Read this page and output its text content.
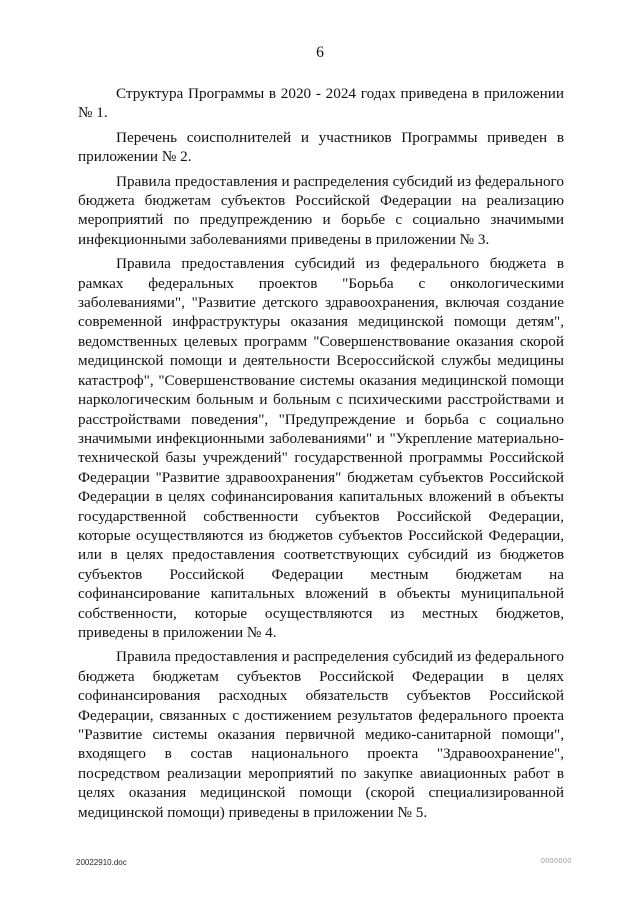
6

Структура Программы в 2020 - 2024 годах приведена в приложении № 1.

Перечень соисполнителей и участников Программы приведен в приложении № 2.

Правила предоставления и распределения субсидий из федерального бюджета бюджетам субъектов Российской Федерации на реализацию мероприятий по предупреждению и борьбе с социально значимыми инфекционными заболеваниями приведены в приложении № 3.

Правила предоставления субсидий из федерального бюджета в рамках федеральных проектов "Борьба с онкологическими заболеваниями", "Развитие детского здравоохранения, включая создание современной инфраструктуры оказания медицинской помощи детям", ведомственных целевых программ "Совершенствование оказания скорой медицинской помощи и деятельности Всероссийской службы медицины катастроф", "Совершенствование системы оказания медицинской помощи наркологическим больным и больным с психическими расстройствами и расстройствами поведения", "Предупреждение и борьба с социально значимыми инфекционными заболеваниями" и "Укрепление материально-технической базы учреждений" государственной программы Российской Федерации "Развитие здравоохранения" бюджетам субъектов Российской Федерации в целях софинансирования капитальных вложений в объекты государственной собственности субъектов Российской Федерации, которые осуществляются из бюджетов субъектов Российской Федерации, или в целях предоставления соответствующих субсидий из бюджетов субъектов Российской Федерации местным бюджетам на софинансирование капитальных вложений в объекты муниципальной собственности, которые осуществляются из местных бюджетов, приведены в приложении № 4.

Правила предоставления и распределения субсидий из федерального бюджета бюджетам субъектов Российской Федерации в целях софинансирования расходных обязательств субъектов Российской Федерации, связанных с достижением результатов федерального проекта "Развитие системы оказания первичной медико-санитарной помощи", входящего в состав национального проекта "Здравоохранение", посредством реализации мероприятий по закупке авиационных работ в целях оказания медицинской помощи (скорой специализированной медицинской помощи) приведены в приложении № 5.

20022910.doc	0000000
